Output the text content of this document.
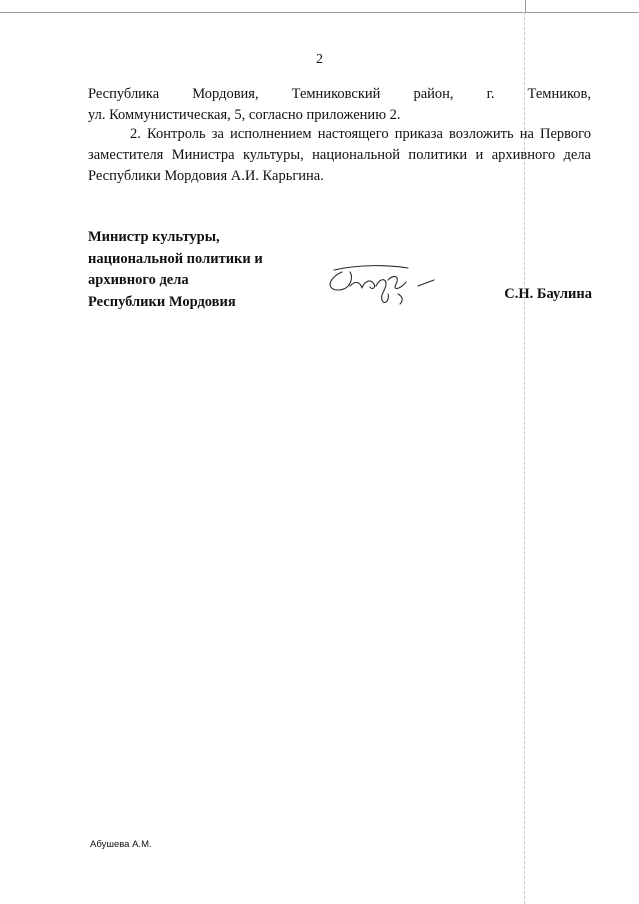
2
Республика Мордовия, Темниковский район, г. Темников,
ул. Коммунистическая, 5, согласно приложению 2.

2. Контроль за исполнением настоящего приказа возложить на Первого заместителя Министра культуры, национальной политики и архивного дела Республики Мордовия А.И. Карьгина.

Министр культуры,
национальной политики и
архивного дела
Республики Мордовия	С.Н. Баулина
Абушева А.М.
